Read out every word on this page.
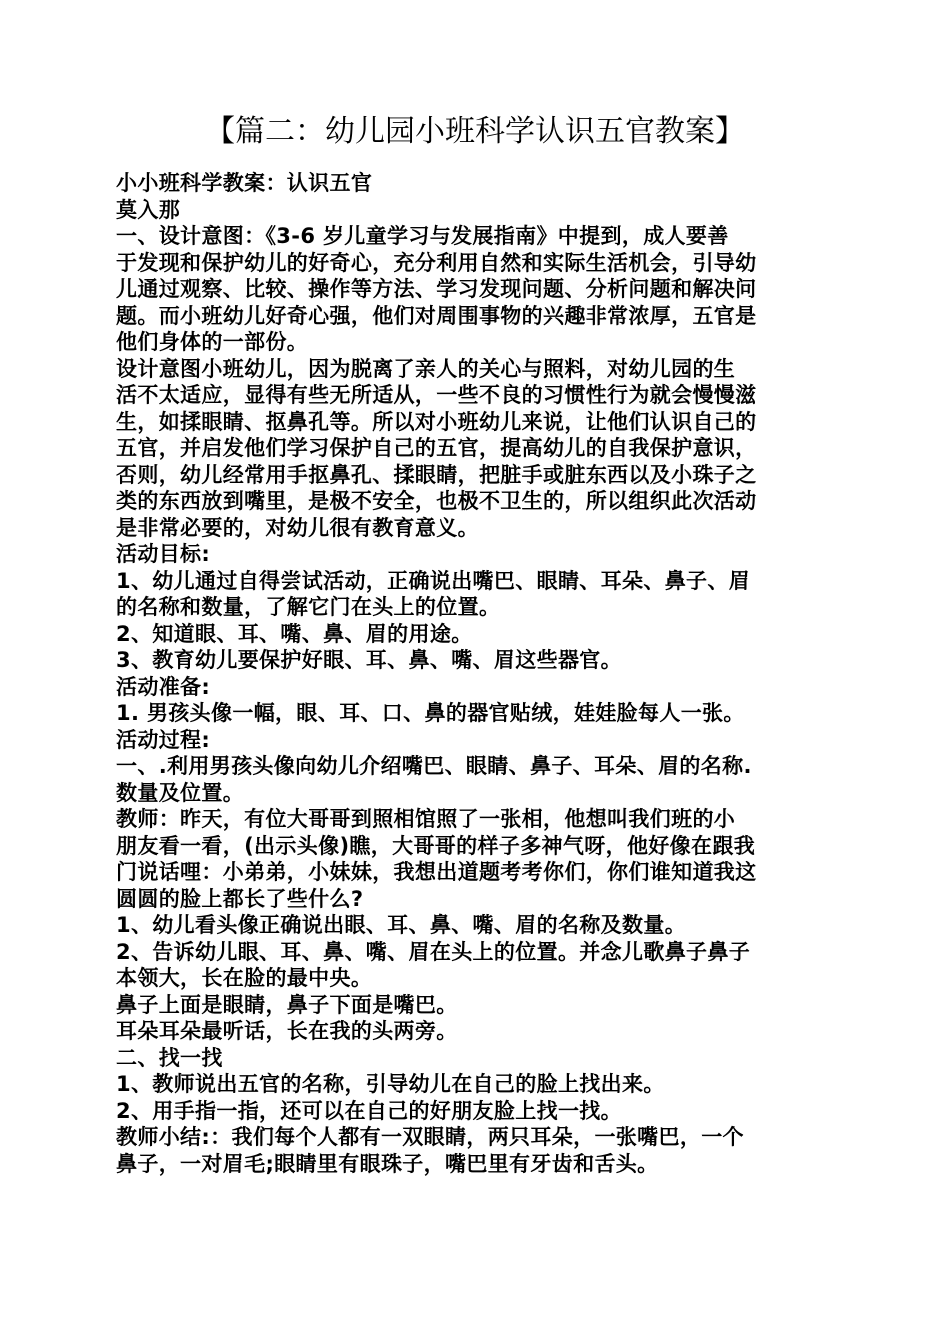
【篇二：幼儿园小班科学认识五官教案】
小小班科学教案：认识五官
莫入那
一、设计意图：《3-6 岁儿童学习与发展指南》中提到，成人要善
于发现和保护幼儿的好奇心，充分利用自然和实际生活机会，引导幼
儿通过观察、比较、操作等方法、学习发现问题、分析问题和解决问
题。而小班幼儿好奇心强，他们对周围事物的兴趣非常浓厚，五官是
他们身体的一部份。
设计意图小班幼儿，因为脱离了亲人的关心与照料，对幼儿园的生
活不太适应，显得有些无所适从，一些不良的习惯性行为就会慢慢滋
生，如揉眼睛、抠鼻孔等。所以对小班幼儿来说，让他们认识自己的
五官，并启发他们学习保护自己的五官，提高幼儿的自我保护意识，
否则，幼儿经常用手抠鼻孔、揉眼睛，把脏手或脏东西以及小珠子之
类的东西放到嘴里，是极不安全，也极不卫生的，所以组织此次活动
是非常必要的，对幼儿很有教育意义。
活动目标:
1、幼儿通过自得尝试活动，正确说出嘴巴、眼睛、耳朵、鼻子、眉
的名称和数量，了解它门在头上的位置。
2、知道眼、耳、嘴、鼻、眉的用途。
3、教育幼儿要保护好眼、耳、鼻、嘴、眉这些器官。
活动准备:
1. 男孩头像一幅，眼、耳、口、鼻的器官贴绒，娃娃脸每人一张。
活动过程:
一、.利用男孩头像向幼儿介绍嘴巴、眼睛、鼻子、耳朵、眉的名称.
数量及位置。
教师：昨天，有位大哥哥到照相馆照了一张相，他想叫我们班的小
朋友看一看，(出示头像)瞧，大哥哥的样子多神气呀，他好像在跟我
门说话哩：小弟弟，小妹妹，我想出道题考考你们，你们谁知道我这
圆圆的脸上都长了些什么?
1、幼儿看头像正确说出眼、耳、鼻、嘴、眉的名称及数量。
2、告诉幼儿眼、耳、鼻、嘴、眉在头上的位置。并念儿歌鼻子鼻子
本领大，长在脸的最中央。
鼻子上面是眼睛，鼻子下面是嘴巴。
耳朵耳朵最听话，长在我的头两旁。
二、找一找
1、教师说出五官的名称，引导幼儿在自己的脸上找出来。
2、用手指一指，还可以在自己的好朋友脸上找一找。
教师小结:：我们每个人都有一双眼睛，两只耳朵，一张嘴巴，一个
鼻子，一对眉毛;眼睛里有眼珠子，嘴巴里有牙齿和舌头。
